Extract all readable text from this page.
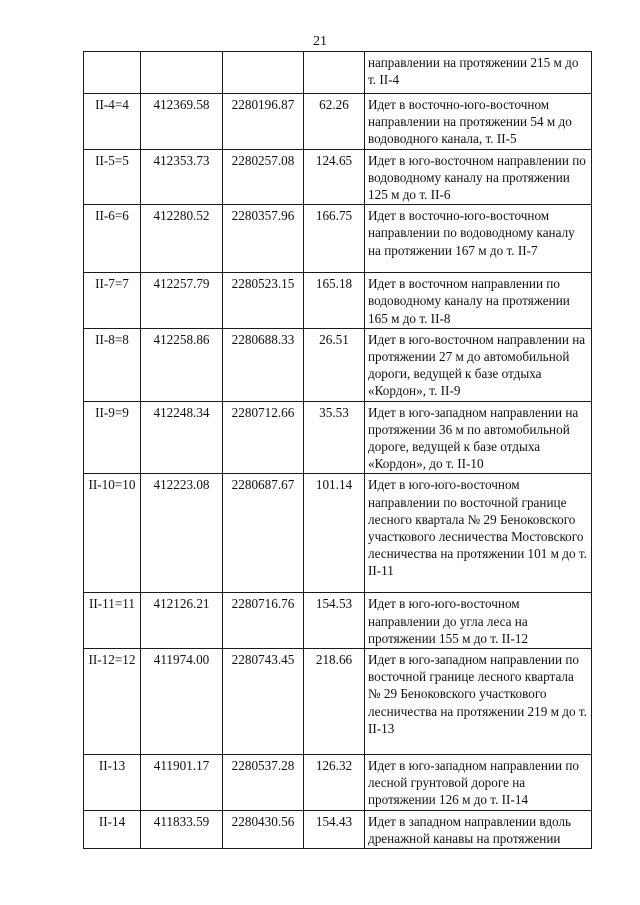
21
				направлении на протяжении 215 м до т. II-4
II-4=4	412369.58	2280196.87	62.26	Идет в восточно-юго-восточном направлении на протяжении 54 м до водоводного канала, т. II-5
II-5=5	412353.73	2280257.08	124.65	Идет в юго-восточном направлении по водоводному каналу на протяжении 125 м до т. II-6
II-6=6	412280.52	2280357.96	166.75	Идет в восточно-юго-восточном направлении по водоводному каналу на протяжении 167 м до т. II-7
II-7=7	412257.79	2280523.15	165.18	Идет в восточном направлении по водоводному каналу на протяжении 165 м до т. II-8
II-8=8	412258.86	2280688.33	26.51	Идет в юго-восточном направлении на протяжении 27 м до автомобильной дороги, ведущей к базе отдыха «Кордон», т. II-9
II-9=9	412248.34	2280712.66	35.53	Идет в юго-западном направлении на протяжении 36 м по автомобильной дороге, ведущей к базе отдыха «Кордон», до т. II-10
II-10=10	412223.08	2280687.67	101.14	Идет в юго-юго-восточном направлении по восточной границе лесного квартала № 29 Беноковского участкового лесничества Мостовского лесничества на протяжении 101 м до т. II-11
II-11=11	412126.21	2280716.76	154.53	Идет в юго-юго-восточном направлении до угла леса на протяжении 155 м до т. II-12
II-12=12	411974.00	2280743.45	218.66	Идет в юго-западном направлении по восточной границе лесного квартала № 29 Беноковского участкового лесничества на протяжении 219 м до т. II-13
II-13	411901.17	2280537.28	126.32	Идет в юго-западном направлении по лесной грунтовой дороге на протяжении 126 м до т. II-14
II-14	411833.59	2280430.56	154.43	Идет в западном направлении вдоль дренажной канавы на протяжении
